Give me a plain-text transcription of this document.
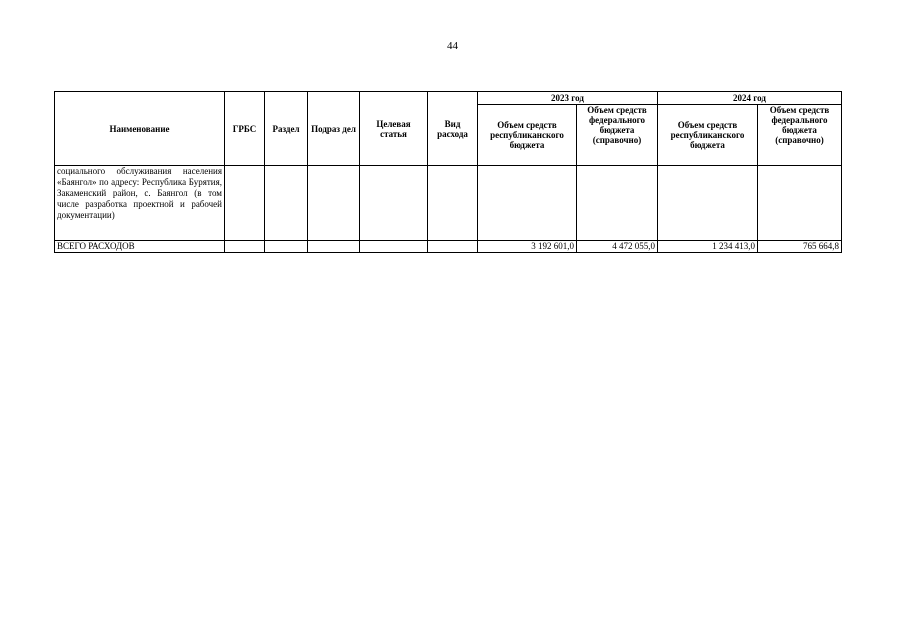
44
Наименование	ГРБС	Раздел	Подраз дел	Целевая статья	Вид расхода	2023 год		2024 год	
						Объем средств республиканского бюджета	Объем средств федерального бюджета (справочно)	Объем средств республиканского бюджета	Объем средств федерального бюджета (справочно)
социального обслуживания населения «Баянгол» по адресу: Республика Бурятия, Закаменский район, с. Баянгол (в том числе разработка проектной и рабочей документации)									
ВСЕГО РАСХОДОВ						3 192 601,0	4 472 055,0	1 234 413,0	765 664,8
